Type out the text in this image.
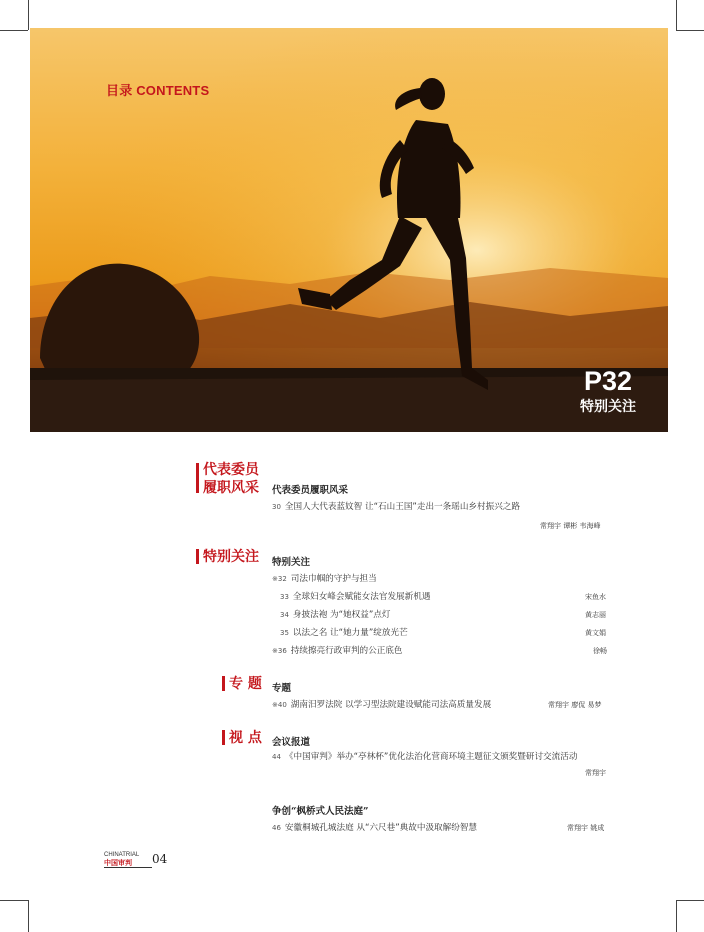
目录 CONTENTS
P32
特别关注
代表委员
履职风采 代表委员履职风采
30 全国人大代表蓝妏智 让“石山王国”走出一条瑶山乡村振兴之路
常翔宇 谭彬 韦海峰
特别关注 特别关注
※32 司法巾帼的守护与担当
33 全球妇女峰会赋能女法官发展新机遇	宋鱼水
34 身披法袍 为“她权益”点灯	黄志丽
35 以法之名 让“她力量”绽放光芒	黄文娟
※36 持续擦亮行政审判的公正底色	徐畅
专 题 专题
※40 湖南汨罗法院 以学习型法院建设赋能司法高质量发展	常翔宇 廖侃 易梦
视 点 会议报道
44 《中国审判》举办“亭林杯”优化法治化营商环境主题征文颁奖暨研讨交流活动
常翔宇
争创“枫桥式人民法庭”
46 安徽桐城孔城法庭 从“六尺巷”典故中汲取解纷智慧	常翔宇 姚成
CHINATRIAL
中国审判	04
